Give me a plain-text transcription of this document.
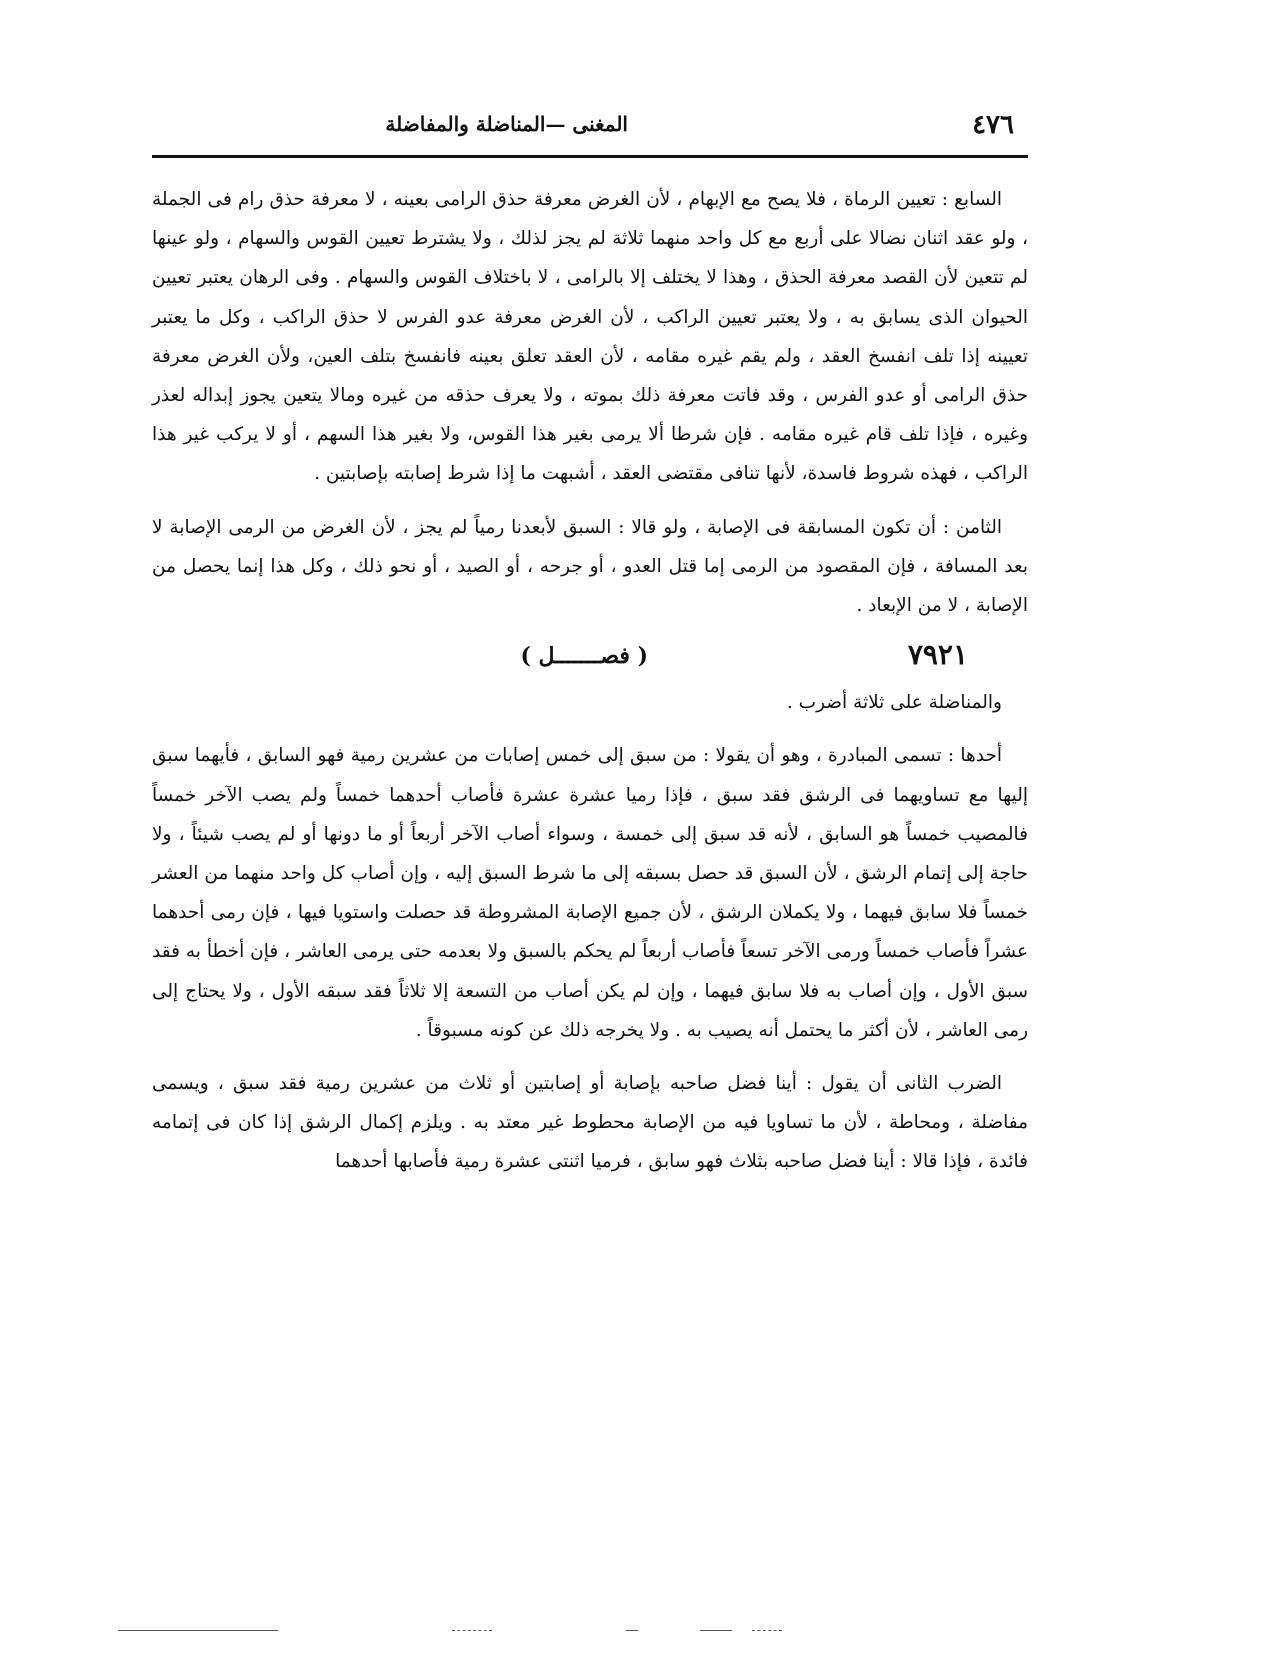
٤٧٦
المغنى —المناضلة والمفاضلة

السابع : تعيين الرماة ، فلا يصح مع الإبهام ، لأن الغرض معرفة حذق الرامى بعينه ، لا معرفة حذق رام فى الجملة ، ولو عقد اثنان نضالا على أربع مع كل واحد منهما ثلاثة لم يجز لذلك ، ولا يشترط تعيين القوس والسهام ، ولو عينها لم تتعين لأن القصد معرفة الحذق ، وهذا لا يختلف إلا بالرامى ، لا باختلاف القوس والسهام . وفى الرهان يعتبر تعيين الحيوان الذى يسابق به ، ولا يعتبر تعيين الراكب ، لأن الغرض معرفة عدو الفرس لا حذق الراكب ، وكل ما يعتبر تعيينه إذا تلف انفسخ العقد ، ولم يقم غيره مقامه ، لأن العقد تعلق بعينه فانفسخ بتلف العين، ولأن الغرض معرفة حذق الرامى أو عدو الفرس ، وقد فاتت معرفة ذلك بموته ، ولا يعرف حذقه من غيره ومالا يتعين يجوز إبداله لعذر وغيره ، فإذا تلف قام غيره مقامه . فإن شرطا ألا يرمى بغير هذا القوس، ولا بغير هذا السهم ، أو لا يركب غير هذا الراكب ، فهذه شروط فاسدة، لأنها تنافى مقتضى العقد ، أشبهت ما إذا شرط إصابته بإصابتين .

الثامن : أن تكون المسابقة فى الإصابة ، ولو قالا : السبق لأبعدنا رمياً لم يجز ، لأن الغرض من الرمى الإصابة لا بعد المسافة ، فإن المقصود من الرمى إما قتل العدو ، أو جرحه ، أو الصيد ، أو نحو ذلك ، وكل هذا إنما يحصل من الإصابة ، لا من الإبعاد .

٧٩٢١
( فصـــــــل )

والمناضلة على ثلاثة أضرب .

أحدها : تسمى المبادرة ، وهو أن يقولا : من سبق إلى خمس إصابات من عشرين رمية فهو السابق ، فأيهما سبق إليها مع تساويهما فى الرشق فقد سبق ، فإذا رميا عشرة عشرة فأصاب أحدهما خمساً ولم يصب الآخر خمساً فالمصيب خمساً هو السابق ، لأنه قد سبق إلى خمسة ، وسواء أصاب الآخر أربعاً أو ما دونها أو لم يصب شيئاً ، ولا حاجة إلى إتمام الرشق ، لأن السبق قد حصل بسبقه إلى ما شرط السبق إليه ، وإن أصاب كل واحد منهما من العشر خمساً فلا سابق فيهما ، ولا يكملان الرشق ، لأن جميع الإصابة المشروطة قد حصلت واستويا فيها ، فإن رمى أحدهما عشراً فأصاب خمساً ورمى الآخر تسعاً فأصاب أربعاً لم يحكم بالسبق ولا بعدمه حتى يرمى العاشر ، فإن أخطأ به فقد سبق الأول ، وإن أصاب به فلا سابق فيهما ، وإن لم يكن أصاب من التسعة إلا ثلاثاً فقد سبقه الأول ، ولا يحتاج إلى رمى العاشر ، لأن أكثر ما يحتمل أنه يصيب به . ولا يخرجه ذلك عن كونه مسبوقاً .

الضرب الثانى أن يقول : أينا فضل صاحبه بإصابة أو إصابتين أو ثلاث من عشرين رمية فقد سبق ، ويسمى مفاضلة ، ومحاطة ، لأن ما تساويا فيه من الإصابة محطوط غير معتد به . ويلزم إكمال الرشق إذا كان فى إتمامه فائدة ، فإذا قالا : أينا فضل صاحبه بثلاث فهو سابق ، فرميا اثنتى عشرة رمية فأصابها أحدهما
